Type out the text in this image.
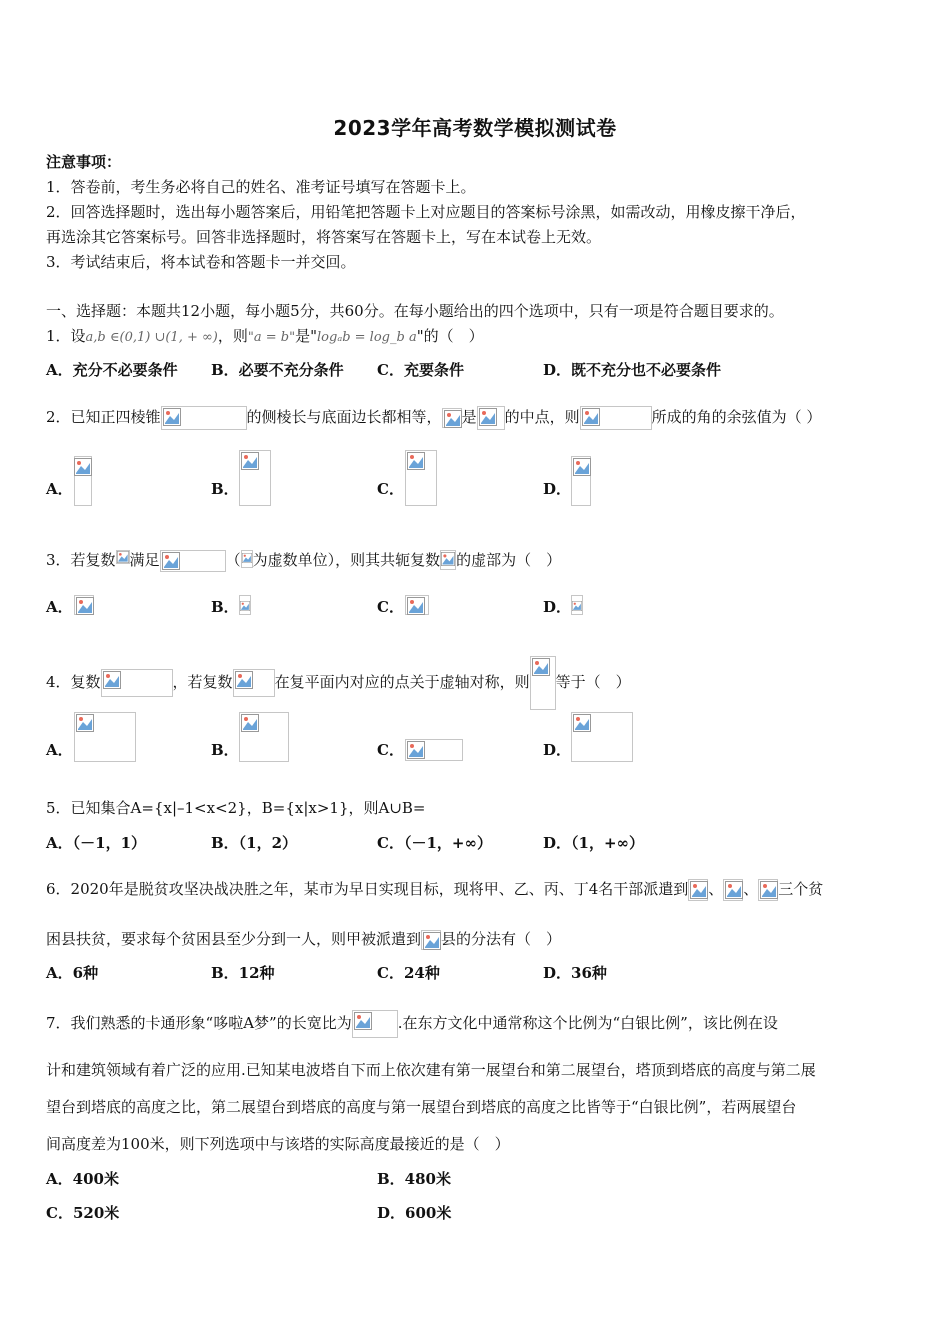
2023学年高考数学模拟测试卷
注意事项：
1．答卷前，考生务必将自己的姓名、准考证号填写在答题卡上。
2．回答选择题时，选出每小题答案后，用铅笔把答题卡上对应题目的答案标号涂黑，如需改动，用橡皮擦干净后，
再选涂其它答案标号。回答非选择题时，将答案写在答题卡上，写在本试卷上无效。
3．考试结束后，将本试卷和答题卡一并交回。
一、选择题：本题共12小题，每小题5分，共60分。在每小题给出的四个选项中，只有一项是符合题目要求的。
1．设a,b ∈(0,1) ∪(1, + ∞)，则"a = b"是"logₐb = log_b a"的（　）
A．充分不必要条件 B．必要不充分条件 C．充要条件	D．既不充分也不必要条件
2．已知正四棱锥	的侧棱长与底面边长都相等， 是 的中点，则	所成的角的余弦值为（ ）
A．	B．	C．	D．
3．若复数 满足	（ 为虚数单位），则其共轭复数 的虚部为（　）
A．	B．	C．	D．
4．复数	，若复数	在复平面内对应的点关于虚轴对称，则 等于（　）
A．	B．	C．	D．
5．已知集合A={x|–1<x<2}，B={x|x>1}，则A∪B=
A．（－1，1）	B．（1，2）	C．（－1，+∞）	D．（1，+∞）
6．2020年是脱贫攻坚决战决胜之年，某市为早日实现目标，现将甲、乙、丙、丁4名干部派遣到 、 、 三个贫
困县扶贫，要求每个贫困县至少分到一人，则甲被派遣到 县的分法有（　）
A．6种	B．12种	C．24种	D．36种
7．我们熟悉的卡通形象“哆啦A梦”的长宽比为	.在东方文化中通常称这个比例为“白银比例”，该比例在设
计和建筑领域有着广泛的应用.已知某电波塔自下而上依次建有第一展望台和第二展望台，塔顶到塔底的高度与第二展
望台到塔底的高度之比，第二展望台到塔底的高度与第一展望台到塔底的高度之比皆等于“白银比例”，若两展望台
间高度差为100米，则下列选项中与该塔的实际高度最接近的是（　）
A．400米	B．480米
C．520米	D．600米
